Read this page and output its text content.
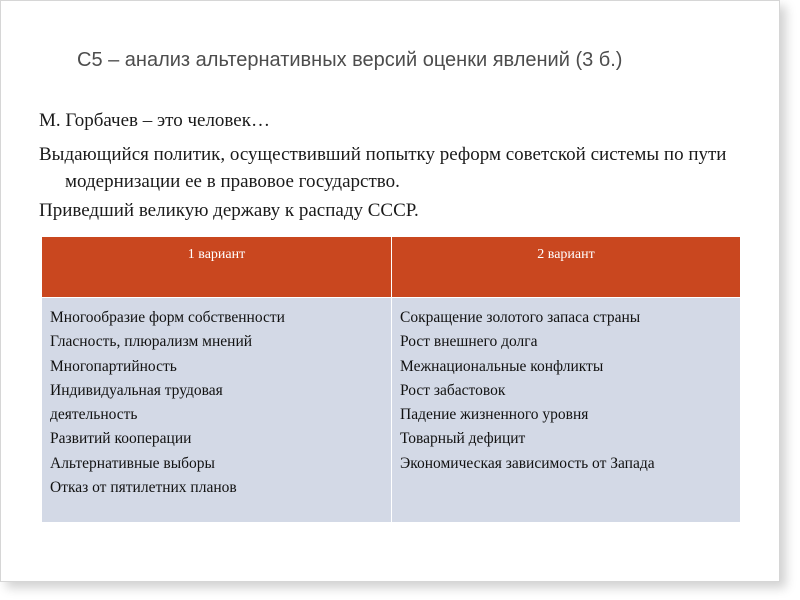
С5 – анализ альтернативных версий оценки явлений (3 б.)
М. Горбачев – это человек…
Выдающийся политик, осуществивший попытку реформ советской системы по пути модернизации ее в правовое государство.
Приведший великую державу к распаду СССР.
1 вариант	2 вариант
Многообразие форм собственности
Гласность, плюрализм мнений
Многопартийность
Индивидуальная трудовая
деятельность
Развитий кооперации
Альтернативные выборы
Отказ от пятилетних планов
Сокращение золотого запаса страны
Рост внешнего долга
Межнациональные конфликты
Рост забастовок
Падение жизненного уровня
Товарный дефицит
Экономическая зависимость от Запада
